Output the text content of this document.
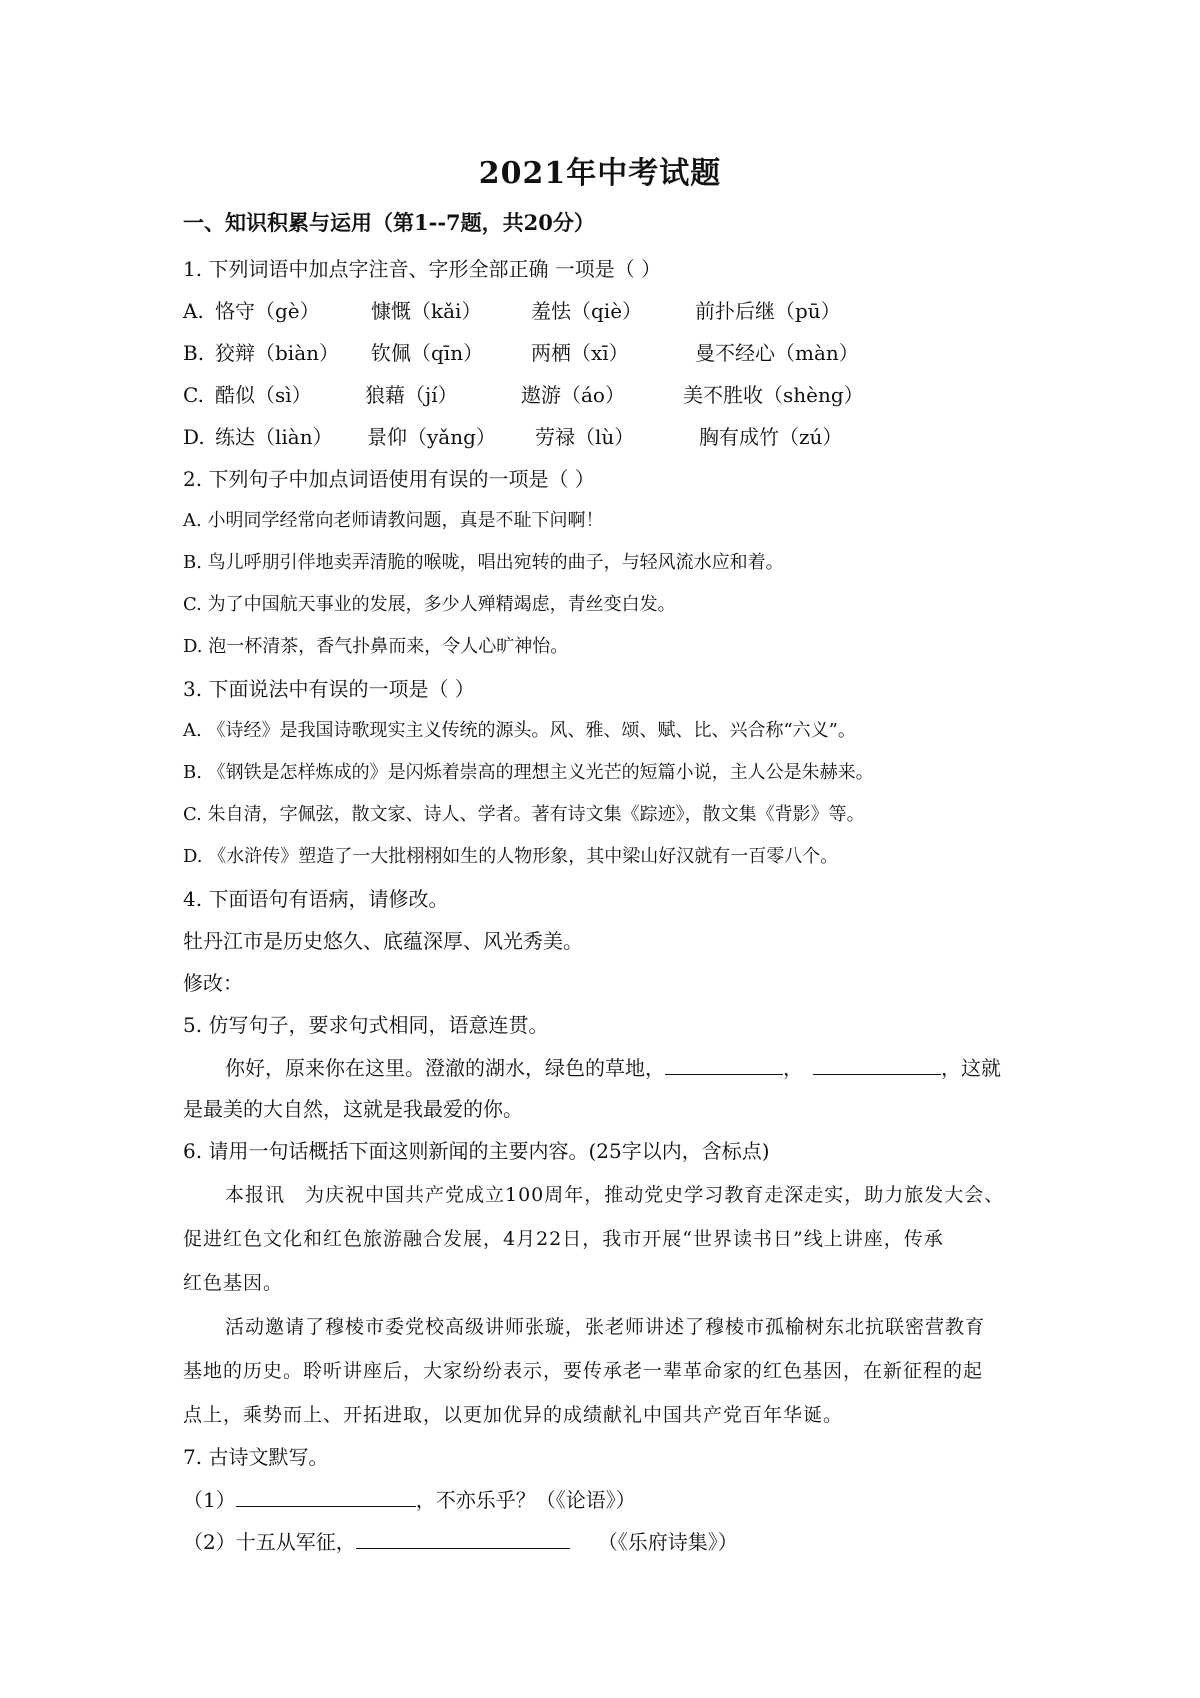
2021年中考试题
一、知识积累与运用（第1--7题，共20分）
1. 下列词语中加点字注音、字形全部正确 一项是（ ）
A. 恪守（gè）	慷慨（kǎi） 羞怯（qiè）	前扑后继（pū）
B. 狡辩（biàn） 钦佩（qīn） 两栖（xī）	曼不经心（màn）
C. 酷似（sì）	狼藉（jí）	遨游（áo）	美不胜收（shèng）
D. 练达（liàn） 景仰（yǎng） 劳禄（lù）	胸有成竹（zú）
2. 下列句子中加点词语使用有误的一项是（ ）
A. 小明同学经常向老师请教问题，真是不耻下问啊！
B. 鸟儿呼朋引伴地卖弄清脆的喉咙，唱出宛转的曲子，与轻风流水应和着。
C. 为了中国航天事业的发展，多少人殚精竭虑，青丝变白发。
D. 泡一杯清茶，香气扑鼻而来，令人心旷神怡。
3. 下面说法中有误的一项是（ ）
A. 《诗经》是我国诗歌现实主义传统的源头。风、雅、颂、赋、比、兴合称“六义”。
B. 《钢铁是怎样炼成的》是闪烁着崇高的理想主义光芒的短篇小说，主人公是朱赫来。
C. 朱自清，字佩弦，散文家、诗人、学者。著有诗文集《踪迹》，散文集《背影》等。
D. 《水浒传》塑造了一大批栩栩如生的人物形象，其中梁山好汉就有一百零八个。
4. 下面语句有语病，请修改。
牡丹江市是历史悠久、底蕴深厚、风光秀美。
修改：
5. 仿写句子，要求句式相同，语意连贯。
你好，原来你在这里。澄澈的湖水，绿色的草地，	，	，这就
是最美的大自然，这就是我最爱的你。
6. 请用一句话概括下面这则新闻的主要内容。(25字以内，含标点)
本报讯　为庆祝中国共产党成立100周年，推动党史学习教育走深走实，助力旅发大会、
促进红色文化和红色旅游融合发展，4月22日，我市开展“世界读书日”线上讲座，传承
红色基因。
活动邀请了穆棱市委党校高级讲师张璇，张老师讲述了穆棱市孤榆树东北抗联密营教育
基地的历史。聆听讲座后，大家纷纷表示，要传承老一辈革命家的红色基因，在新征程的起
点上，乘势而上、开拓进取，以更加优异的成绩献礼中国共产党百年华诞。
7. 古诗文默写。
（1）	，不亦乐乎？（《论语》）
（2）十五从军征，	（《乐府诗集》）
